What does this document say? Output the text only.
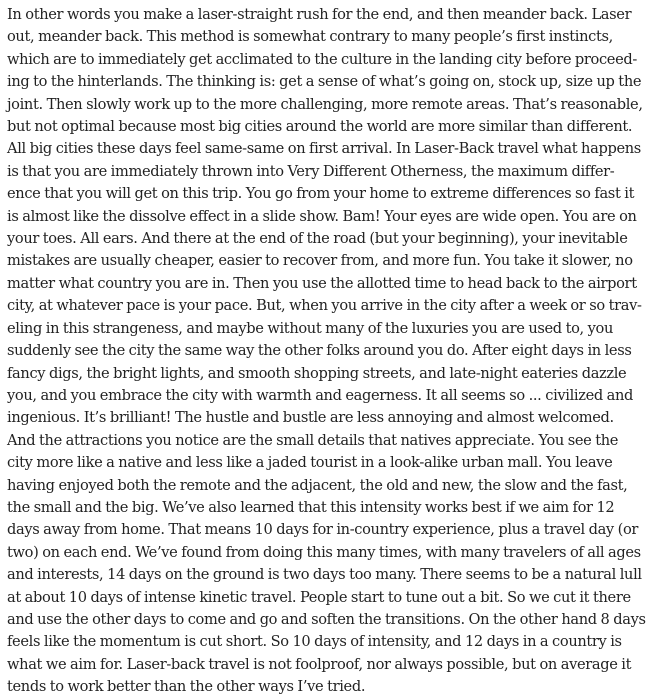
In other words you make a laser-straight rush for the end, and then meander back. Laser
out, meander back. This method is somewhat contrary to many people’s first instincts,
which are to immediately get acclimated to the culture in the landing city before proceed-
ing to the hinterlands. The thinking is: get a sense of what’s going on, stock up, size up the
joint. Then slowly work up to the more challenging, more remote areas. That’s reasonable,
but not optimal because most big cities around the world are more similar than different.
All big cities these days feel same-same on first arrival. In Laser-Back travel what happens
is that you are immediately thrown into Very Different Otherness, the maximum differ-
ence that you will get on this trip. You go from your home to extreme differences so fast it
is almost like the dissolve effect in a slide show. Bam! Your eyes are wide open. You are on
your toes. All ears. And there at the end of the road (but your beginning), your inevitable
mistakes are usually cheaper, easier to recover from, and more fun. You take it slower, no
matter what country you are in. Then you use the allotted time to head back to the airport
city, at whatever pace is your pace. But, when you arrive in the city after a week or so trav-
eling in this strangeness, and maybe without many of the luxuries you are used to, you
suddenly see the city the same way the other folks around you do. After eight days in less
fancy digs, the bright lights, and smooth shopping streets, and late-night eateries dazzle
you, and you embrace the city with warmth and eagerness. It all seems so ... civilized and
ingenious. It’s brilliant! The hustle and bustle are less annoying and almost welcomed.
And the attractions you notice are the small details that natives appreciate. You see the
city more like a native and less like a jaded tourist in a look-alike urban mall. You leave
having enjoyed both the remote and the adjacent, the old and new, the slow and the fast,
the small and the big. We’ve also learned that this intensity works best if we aim for 12
days away from home. That means 10 days for in-country experience, plus a travel day (or
two) on each end. We’ve found from doing this many times, with many travelers of all ages
and interests, 14 days on the ground is two days too many. There seems to be a natural lull
at about 10 days of intense kinetic travel. People start to tune out a bit. So we cut it there
and use the other days to come and go and soften the transitions. On the other hand 8 days
feels like the momentum is cut short. So 10 days of intensity, and 12 days in a country is
what we aim for. Laser-back travel is not foolproof, nor always possible, but on average it
tends to work better than the other ways I’ve tried.
